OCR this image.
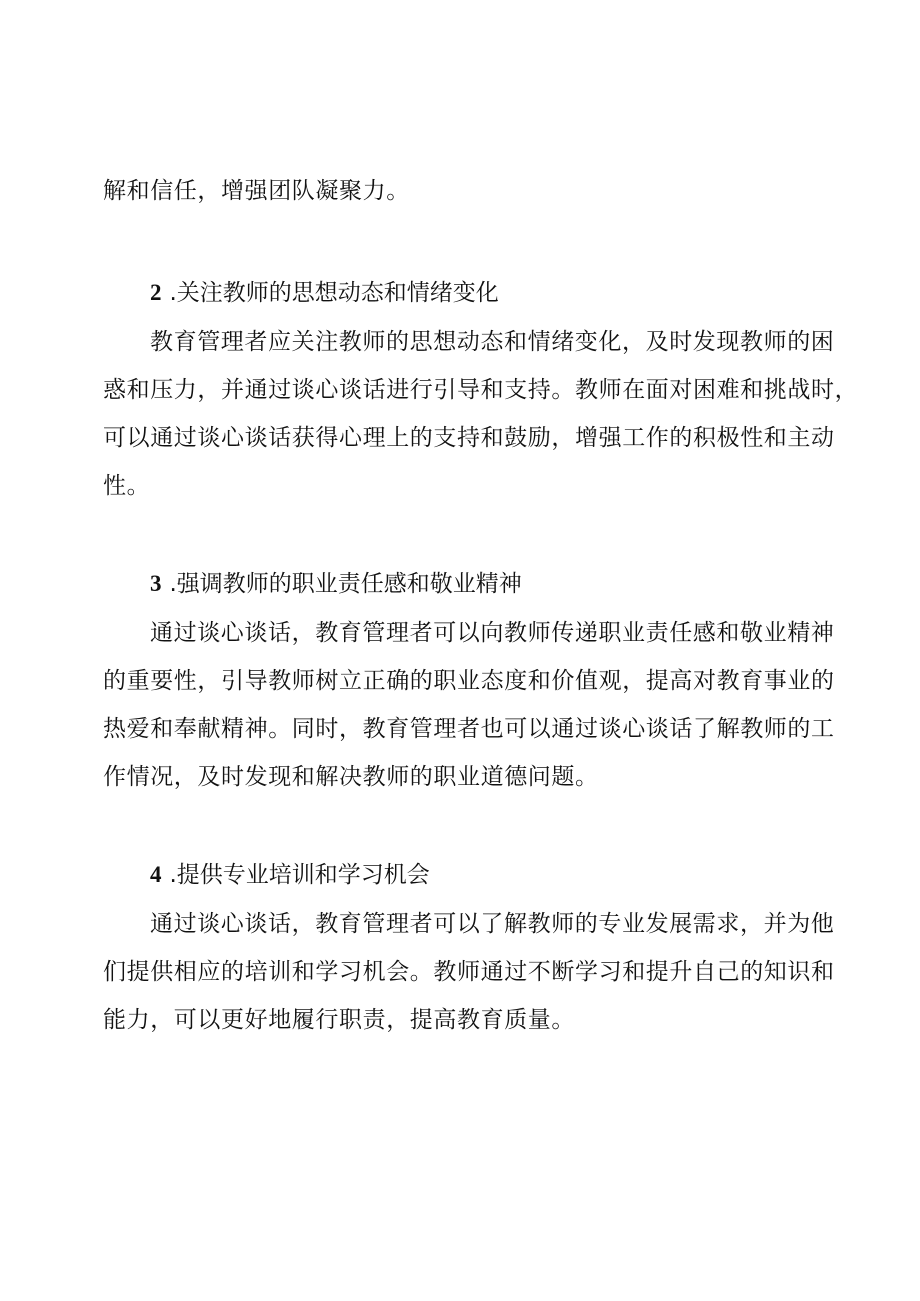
解和信任，增强团队凝聚力。
2 .关注教师的思想动态和情绪变化
教育管理者应关注教师的思想动态和情绪变化，及时发现教师的困
惑和压力，并通过谈心谈话进行引导和支持。教师在面对困难和挑战时，
可以通过谈心谈话获得心理上的支持和鼓励，增强工作的积极性和主动
性。
3 .强调教师的职业责任感和敬业精神
通过谈心谈话，教育管理者可以向教师传递职业责任感和敬业精神
的重要性，引导教师树立正确的职业态度和价值观，提高对教育事业的
热爱和奉献精神。同时，教育管理者也可以通过谈心谈话了解教师的工
作情况，及时发现和解决教师的职业道德问题。
4 .提供专业培训和学习机会
通过谈心谈话，教育管理者可以了解教师的专业发展需求，并为他
们提供相应的培训和学习机会。教师通过不断学习和提升自己的知识和
能力，可以更好地履行职责，提高教育质量。
